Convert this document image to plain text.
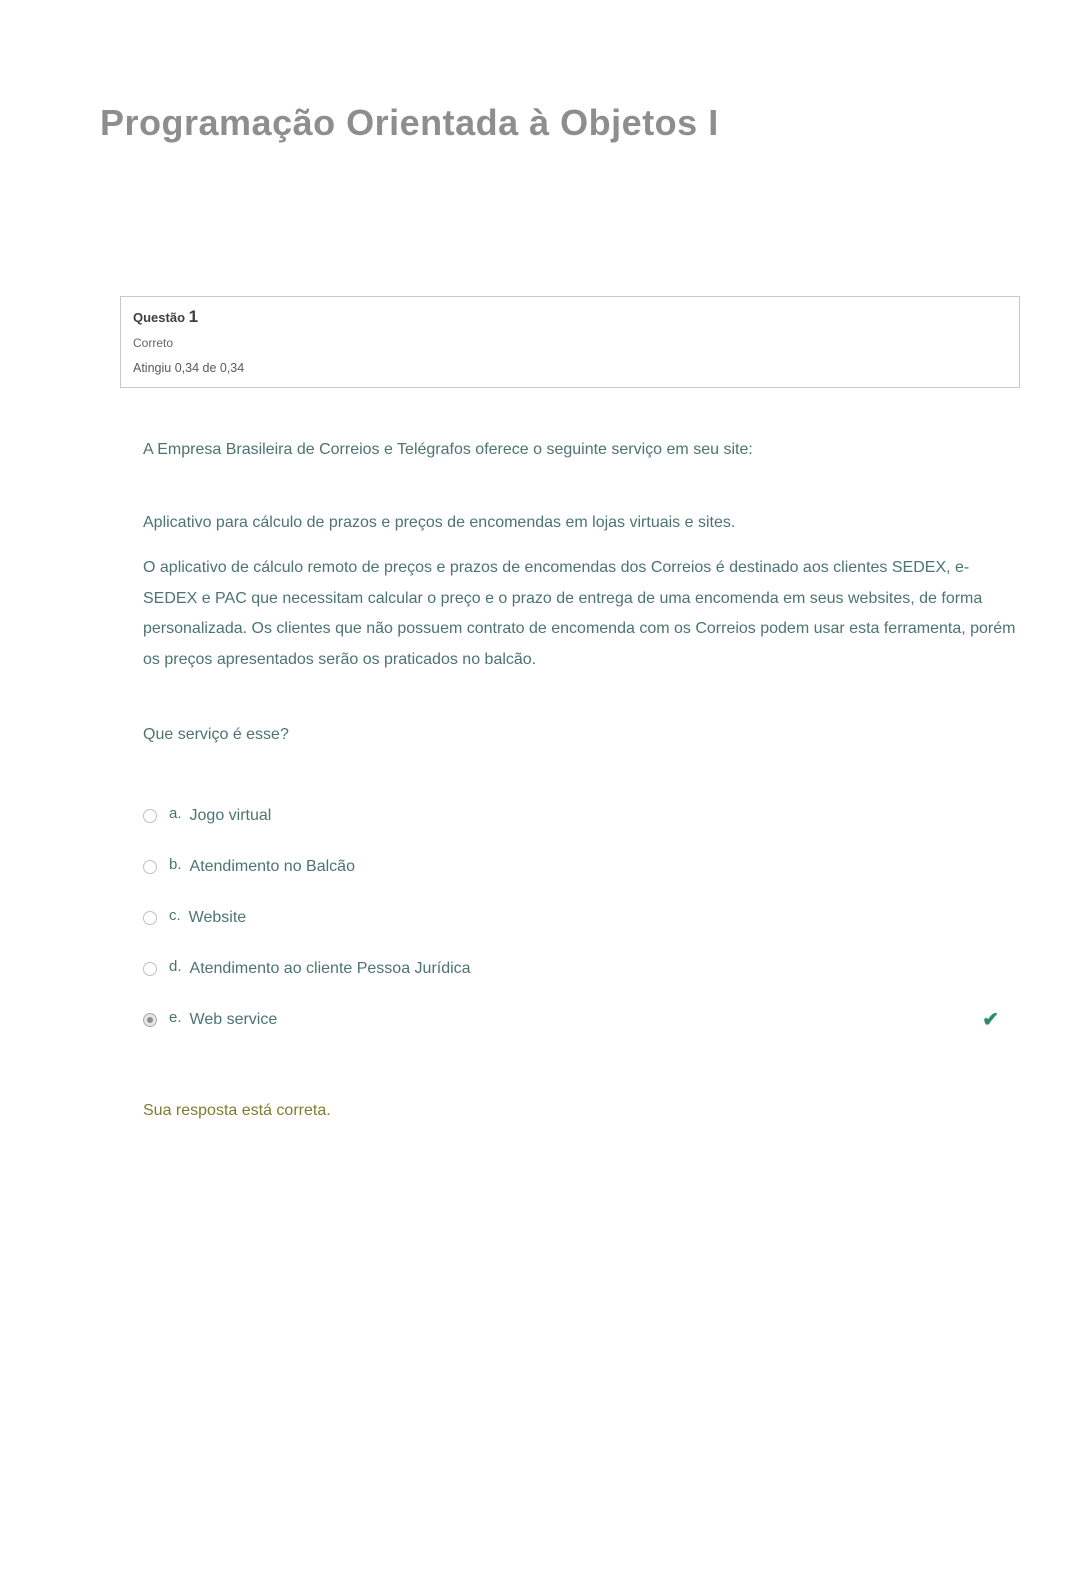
Programação Orientada à Objetos I
Questão 1
Correto
Atingiu 0,34 de 0,34

A Empresa Brasileira de Correios e Telégrafos oferece o seguinte serviço em seu site:

Aplicativo para cálculo de prazos e preços de encomendas em lojas virtuais e sites.

O aplicativo de cálculo remoto de preços e prazos de encomendas dos Correios é destinado aos clientes SEDEX, e-SEDEX e PAC que necessitam calcular o preço e o prazo de entrega de uma encomenda em seus websites, de forma personalizada. Os clientes que não possuem contrato de encomenda com os Correios podem usar esta ferramenta, porém os preços apresentados serão os praticados no balcão.

Que serviço é esse?

a. Jogo virtual
b. Atendimento no Balcão
c. Website
d. Atendimento ao cliente Pessoa Jurídica
e. Web service	✔

Sua resposta está correta.
